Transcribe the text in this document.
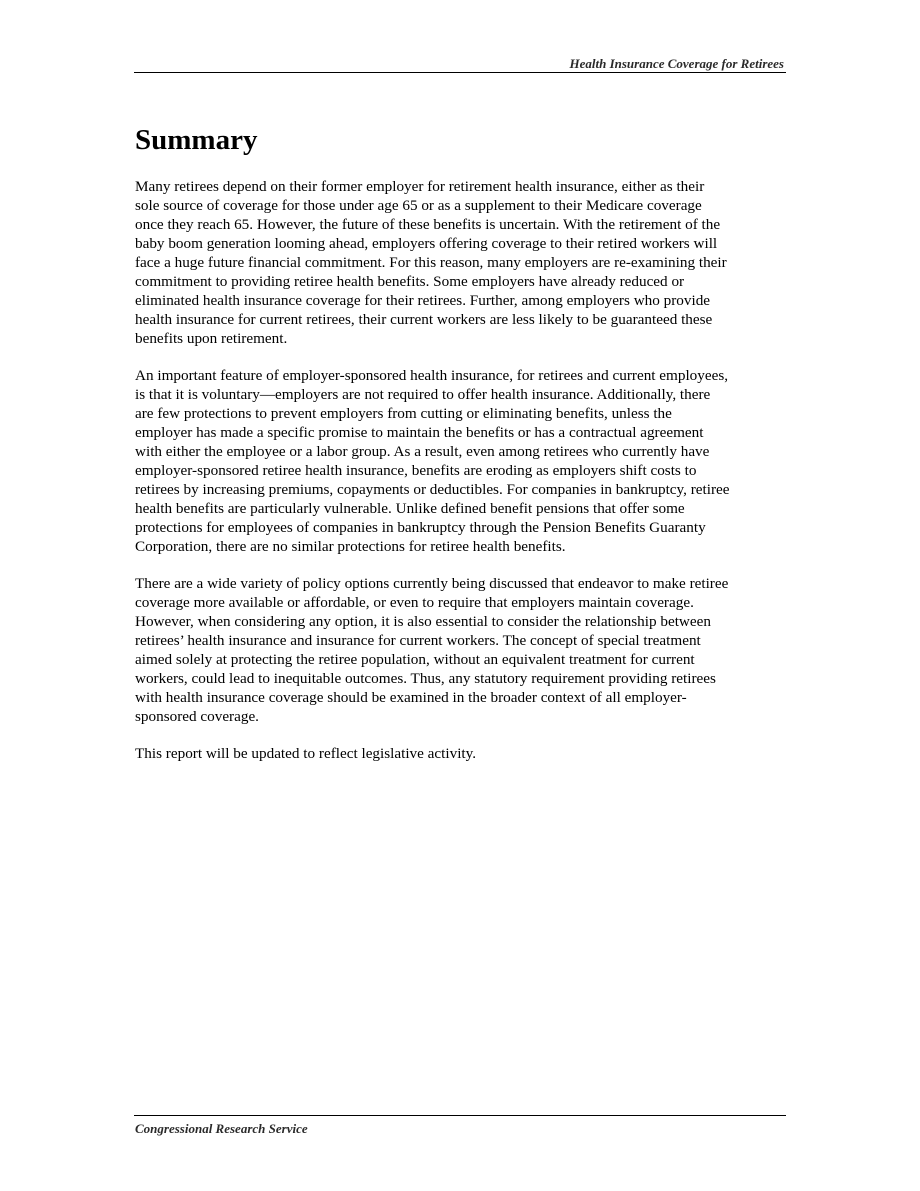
Health Insurance Coverage for Retirees
Summary

Many retirees depend on their former employer for retirement health insurance, either as their
sole source of coverage for those under age 65 or as a supplement to their Medicare coverage
once they reach 65. However, the future of these benefits is uncertain. With the retirement of the
baby boom generation looming ahead, employers offering coverage to their retired workers will
face a huge future financial commitment. For this reason, many employers are re-examining their
commitment to providing retiree health benefits. Some employers have already reduced or
eliminated health insurance coverage for their retirees. Further, among employers who provide
health insurance for current retirees, their current workers are less likely to be guaranteed these
benefits upon retirement.

An important feature of employer-sponsored health insurance, for retirees and current employees,
is that it is voluntary—employers are not required to offer health insurance. Additionally, there
are few protections to prevent employers from cutting or eliminating benefits, unless the
employer has made a specific promise to maintain the benefits or has a contractual agreement
with either the employee or a labor group. As a result, even among retirees who currently have
employer-sponsored retiree health insurance, benefits are eroding as employers shift costs to
retirees by increasing premiums, copayments or deductibles. For companies in bankruptcy, retiree
health benefits are particularly vulnerable. Unlike defined benefit pensions that offer some
protections for employees of companies in bankruptcy through the Pension Benefits Guaranty
Corporation, there are no similar protections for retiree health benefits.

There are a wide variety of policy options currently being discussed that endeavor to make retiree
coverage more available or affordable, or even to require that employers maintain coverage.
However, when considering any option, it is also essential to consider the relationship between
retirees’ health insurance and insurance for current workers. The concept of special treatment
aimed solely at protecting the retiree population, without an equivalent treatment for current
workers, could lead to inequitable outcomes. Thus, any statutory requirement providing retirees
with health insurance coverage should be examined in the broader context of all employer-
sponsored coverage.

This report will be updated to reflect legislative activity.

Congressional Research Service
